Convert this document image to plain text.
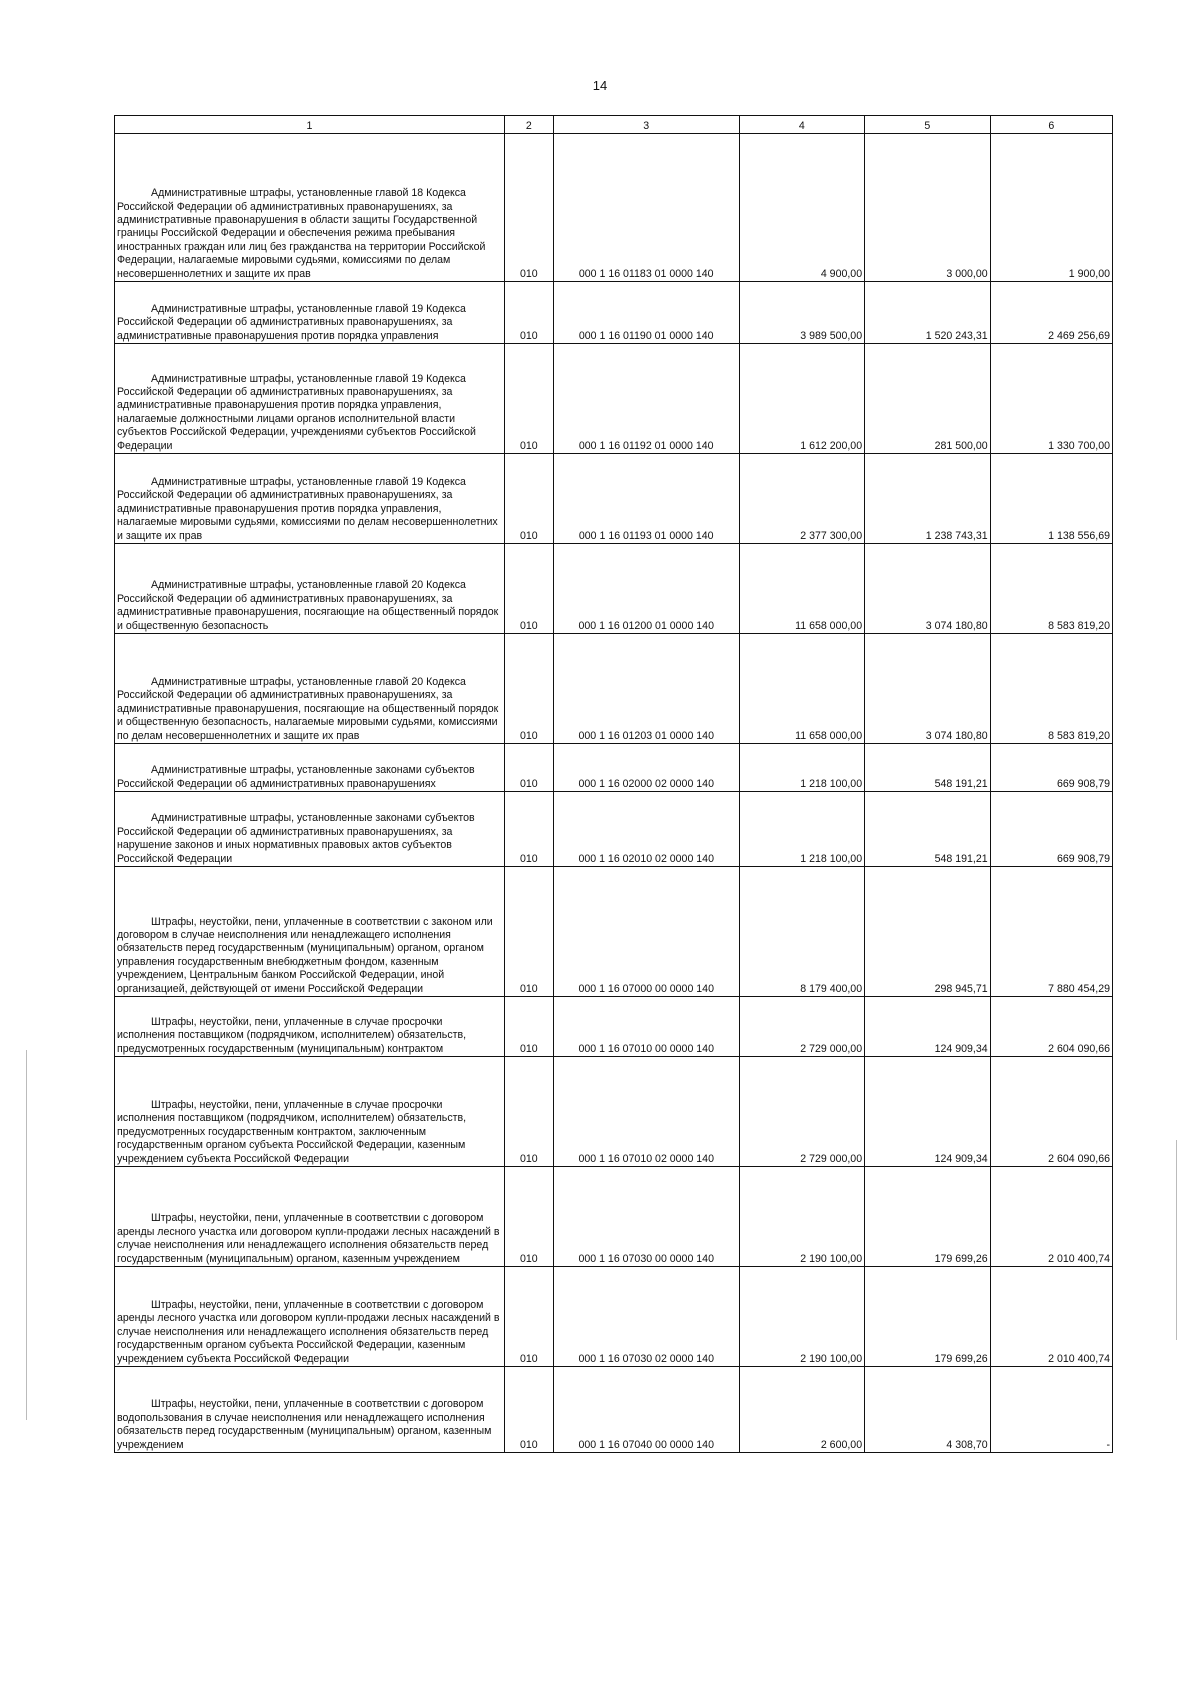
14
1	2	3	4	5	6

Административные штрафы, установленные главой 18 Кодекса Российской Федерации об административных правонарушениях, за административные правонарушения в области защиты Государственной границы Российской Федерации и обеспечения режима пребывания иностранных граждан или лиц без гражданства на территории Российской Федерации, налагаемые мировыми судьями, комиссиями по делам несовершеннолетних и защите их прав	010	000 1 16 01183 01 0000 140	4 900,00	3 000,00	1 900,00

Административные штрафы, установленные главой 19 Кодекса Российской Федерации об административных правонарушениях, за административные правонарушения против порядка управления	010	000 1 16 01190 01 0000 140	3 989 500,00	1 520 243,31	2 469 256,69

Административные штрафы, установленные главой 19 Кодекса Российской Федерации об административных правонарушениях, за административные правонарушения против порядка управления, налагаемые должностными лицами органов исполнительной власти субъектов Российской Федерации, учреждениями субъектов Российской Федерации	010	000 1 16 01192 01 0000 140	1 612 200,00	281 500,00	1 330 700,00

Административные штрафы, установленные главой 19 Кодекса Российской Федерации об административных правонарушениях, за административные правонарушения против порядка управления, налагаемые мировыми судьями, комиссиями по делам несовершеннолетних и защите их прав	010	000 1 16 01193 01 0000 140	2 377 300,00	1 238 743,31	1 138 556,69

Административные штрафы, установленные главой 20 Кодекса Российской Федерации об административных правонарушениях, за административные правонарушения, посягающие на общественный порядок и общественную безопасность	010	000 1 16 01200 01 0000 140	11 658 000,00	3 074 180,80	8 583 819,20

Административные штрафы, установленные главой 20 Кодекса Российской Федерации об административных правонарушениях, за административные правонарушения, посягающие на общественный порядок и общественную безопасность, налагаемые мировыми судьями, комиссиями по делам несовершеннолетних и защите их прав	010	000 1 16 01203 01 0000 140	11 658 000,00	3 074 180,80	8 583 819,20

Административные штрафы, установленные законами субъектов Российской Федерации об административных правонарушениях	010	000 1 16 02000 02 0000 140	1 218 100,00	548 191,21	669 908,79

Административные штрафы, установленные законами субъектов Российской Федерации об административных правонарушениях, за нарушение законов и иных нормативных правовых актов субъектов Российской Федерации	010	000 1 16 02010 02 0000 140	1 218 100,00	548 191,21	669 908,79

Штрафы, неустойки, пени, уплаченные в соответствии с законом или договором в случае неисполнения или ненадлежащего исполнения обязательств перед государственным (муниципальным) органом, органом управления государственным внебюджетным фондом, казенным учреждением, Центральным банком Российской Федерации, иной организацией, действующей от имени Российской Федерации	010	000 1 16 07000 00 0000 140	8 179 400,00	298 945,71	7 880 454,29

Штрафы, неустойки, пени, уплаченные в случае просрочки исполнения поставщиком (подрядчиком, исполнителем) обязательств, предусмотренных государственным (муниципальным) контрактом	010	000 1 16 07010 00 0000 140	2 729 000,00	124 909,34	2 604 090,66

Штрафы, неустойки, пени, уплаченные в случае просрочки исполнения поставщиком (подрядчиком, исполнителем) обязательств, предусмотренных государственным контрактом, заключенным государственным органом субъекта Российской Федерации, казенным учреждением субъекта Российской Федерации	010	000 1 16 07010 02 0000 140	2 729 000,00	124 909,34	2 604 090,66

Штрафы, неустойки, пени, уплаченные в соответствии с договором аренды лесного участка или договором купли-продажи лесных насаждений в случае неисполнения или ненадлежащего исполнения обязательств перед государственным (муниципальным) органом, казенным учреждением	010	000 1 16 07030 00 0000 140	2 190 100,00	179 699,26	2 010 400,74

Штрафы, неустойки, пени, уплаченные в соответствии с договором аренды лесного участка или договором купли-продажи лесных насаждений в случае неисполнения или ненадлежащего исполнения обязательств перед государственным органом субъекта Российской Федерации, казенным учреждением субъекта Российской Федерации	010	000 1 16 07030 02 0000 140	2 190 100,00	179 699,26	2 010 400,74

Штрафы, неустойки, пени, уплаченные в соответствии с договором водопользования в случае неисполнения или ненадлежащего исполнения обязательств перед государственным (муниципальным) органом, казенным учреждением	010	000 1 16 07040 00 0000 140	2 600,00	4 308,70	-
